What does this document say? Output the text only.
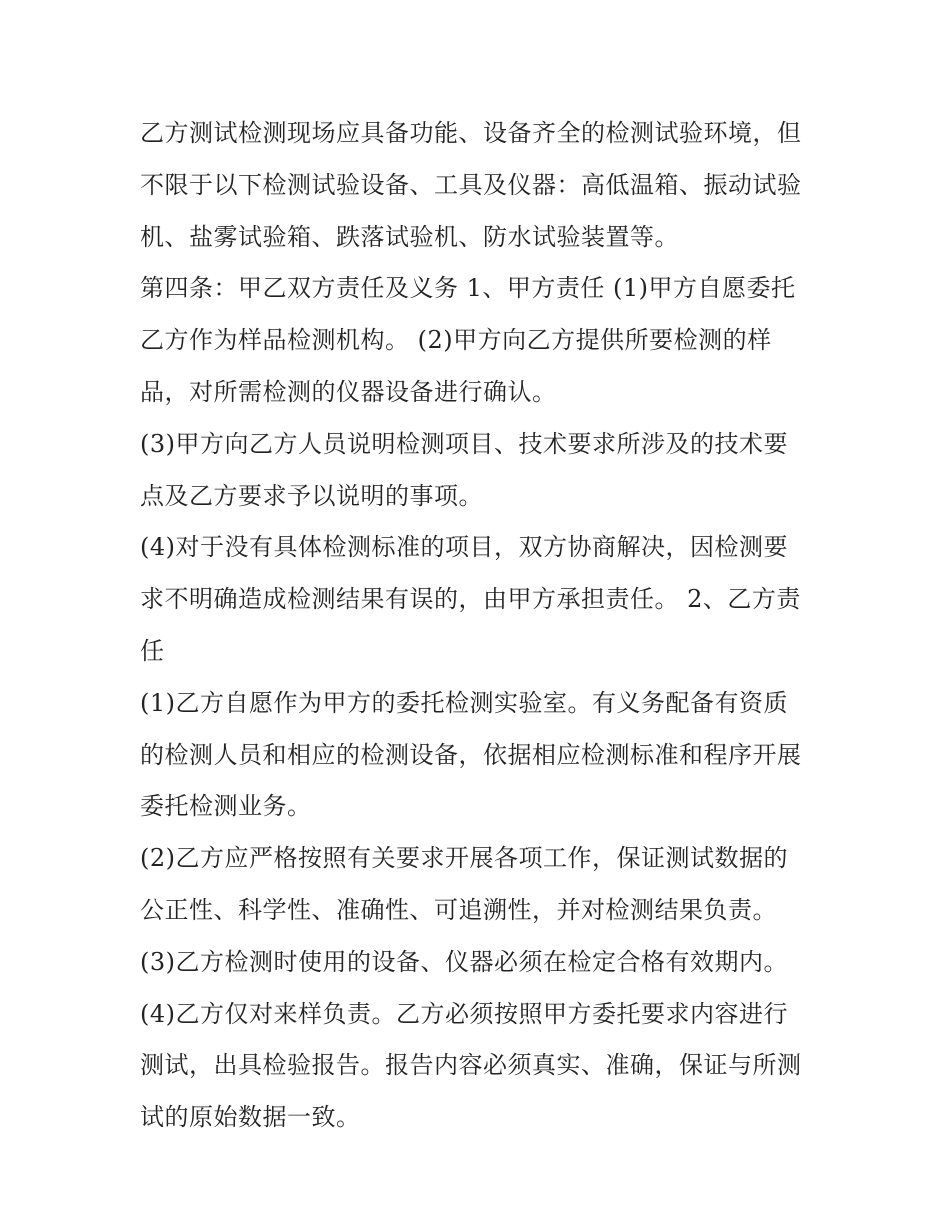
乙方测试检测现场应具备功能、设备齐全的检测试验环境，但
不限于以下检测试验设备、工具及仪器：高低温箱、振动试验
机、盐雾试验箱、跌落试验机、防水试验装置等。
第四条：甲乙双方责任及义务 1、甲方责任 (1)甲方自愿委托
乙方作为样品检测机构。 (2)甲方向乙方提供所要检测的样
品，对所需检测的仪器设备进行确认。
(3)甲方向乙方人员说明检测项目、技术要求所涉及的技术要
点及乙方要求予以说明的事项。
(4)对于没有具体检测标准的项目，双方协商解决，因检测要
求不明确造成检测结果有误的，由甲方承担责任。 2、乙方责
任
(1)乙方自愿作为甲方的委托检测实验室。有义务配备有资质
的检测人员和相应的检测设备，依据相应检测标准和程序开展
委托检测业务。
(2)乙方应严格按照有关要求开展各项工作，保证测试数据的
公正性、科学性、准确性、可追溯性，并对检测结果负责。
(3)乙方检测时使用的设备、仪器必须在检定合格有效期内。
(4)乙方仅对来样负责。乙方必须按照甲方委托要求内容进行
测试，出具检验报告。报告内容必须真实、准确，保证与所测
试的原始数据一致。
